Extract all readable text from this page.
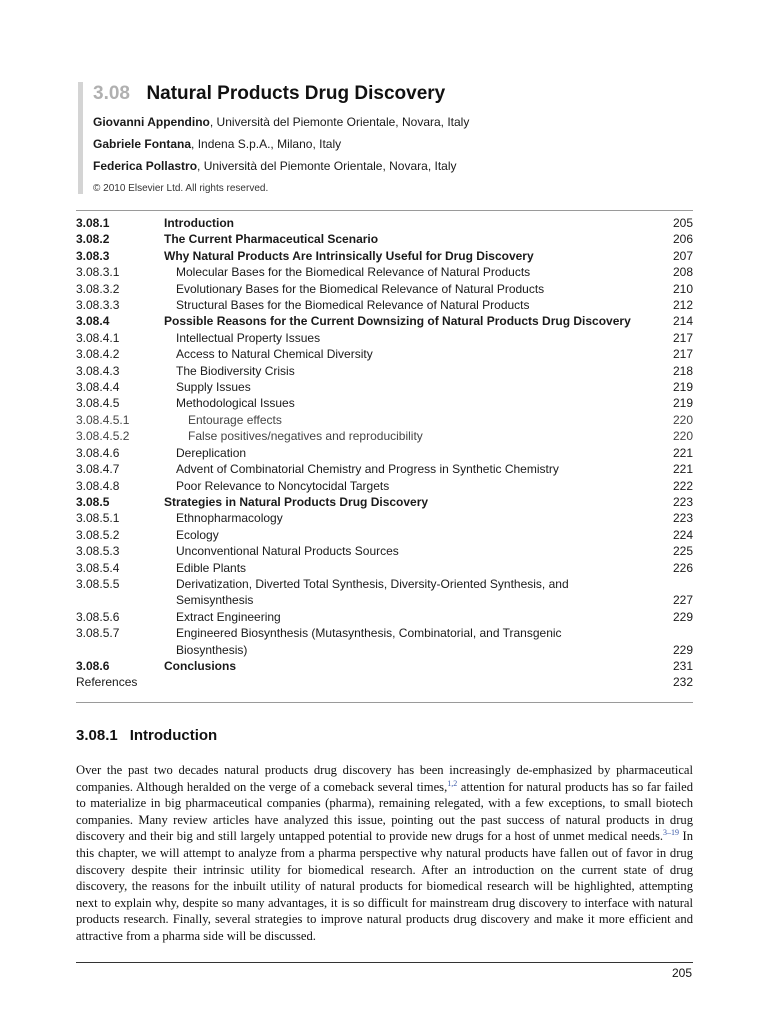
3.08 Natural Products Drug Discovery
Giovanni Appendino, Università del Piemonte Orientale, Novara, Italy
Gabriele Fontana, Indena S.p.A., Milano, Italy
Federica Pollastro, Università del Piemonte Orientale, Novara, Italy
© 2010 Elsevier Ltd. All rights reserved.
3.08.1	Introduction	205
3.08.2	The Current Pharmaceutical Scenario	206
3.08.3	Why Natural Products Are Intrinsically Useful for Drug Discovery	207
3.08.3.1	Molecular Bases for the Biomedical Relevance of Natural Products	208
3.08.3.2	Evolutionary Bases for the Biomedical Relevance of Natural Products	210
3.08.3.3	Structural Bases for the Biomedical Relevance of Natural Products	212
3.08.4	Possible Reasons for the Current Downsizing of Natural Products Drug Discovery	214
3.08.4.1	Intellectual Property Issues	217
3.08.4.2	Access to Natural Chemical Diversity	217
3.08.4.3	The Biodiversity Crisis	218
3.08.4.4	Supply Issues	219
3.08.4.5	Methodological Issues	219
3.08.4.5.1	Entourage effects	220
3.08.4.5.2	False positives/negatives and reproducibility	220
3.08.4.6	Dereplication	221
3.08.4.7	Advent of Combinatorial Chemistry and Progress in Synthetic Chemistry	221
3.08.4.8	Poor Relevance to Noncytocidal Targets	222
3.08.5	Strategies in Natural Products Drug Discovery	223
3.08.5.1	Ethnopharmacology	223
3.08.5.2	Ecology	224
3.08.5.3	Unconventional Natural Products Sources	225
3.08.5.4	Edible Plants	226
3.08.5.5	Derivatization, Diverted Total Synthesis, Diversity-Oriented Synthesis, and
Semisynthesis	227
3.08.5.6	Extract Engineering	229
3.08.5.7	Engineered Biosynthesis (Mutasynthesis, Combinatorial, and Transgenic
Biosynthesis)	229
3.08.6	Conclusions	231
References	232
3.08.1 Introduction
Over the past two decades natural products drug discovery has been increasingly de-emphasized by pharmaceutical companies. Although heralded on the verge of a comeback several times,$^{1,2}$ attention for natural products has so far failed to materialize in big pharmaceutical companies (pharma), remaining relegated, with a few exceptions, to small biotech companies. Many review articles have analyzed this issue, pointing out the past success of natural products in drug discovery and their big and still largely untapped potential to provide new drugs for a host of unmet medical needs.$^{3-19}$ In this chapter, we will attempt to analyze from a pharma perspective why natural products have fallen out of favor in drug discovery despite their intrinsic utility for biomedical research. After an introduction on the current state of drug discovery, the reasons for the inbuilt utility of natural products for biomedical research will be highlighted, attempting next to explain why, despite so many advantages, it is so difficult for mainstream drug discovery to interface with natural products research. Finally, several strategies to improve natural products drug discovery and make it more efficient and attractive from a pharma side will be discussed.
205
